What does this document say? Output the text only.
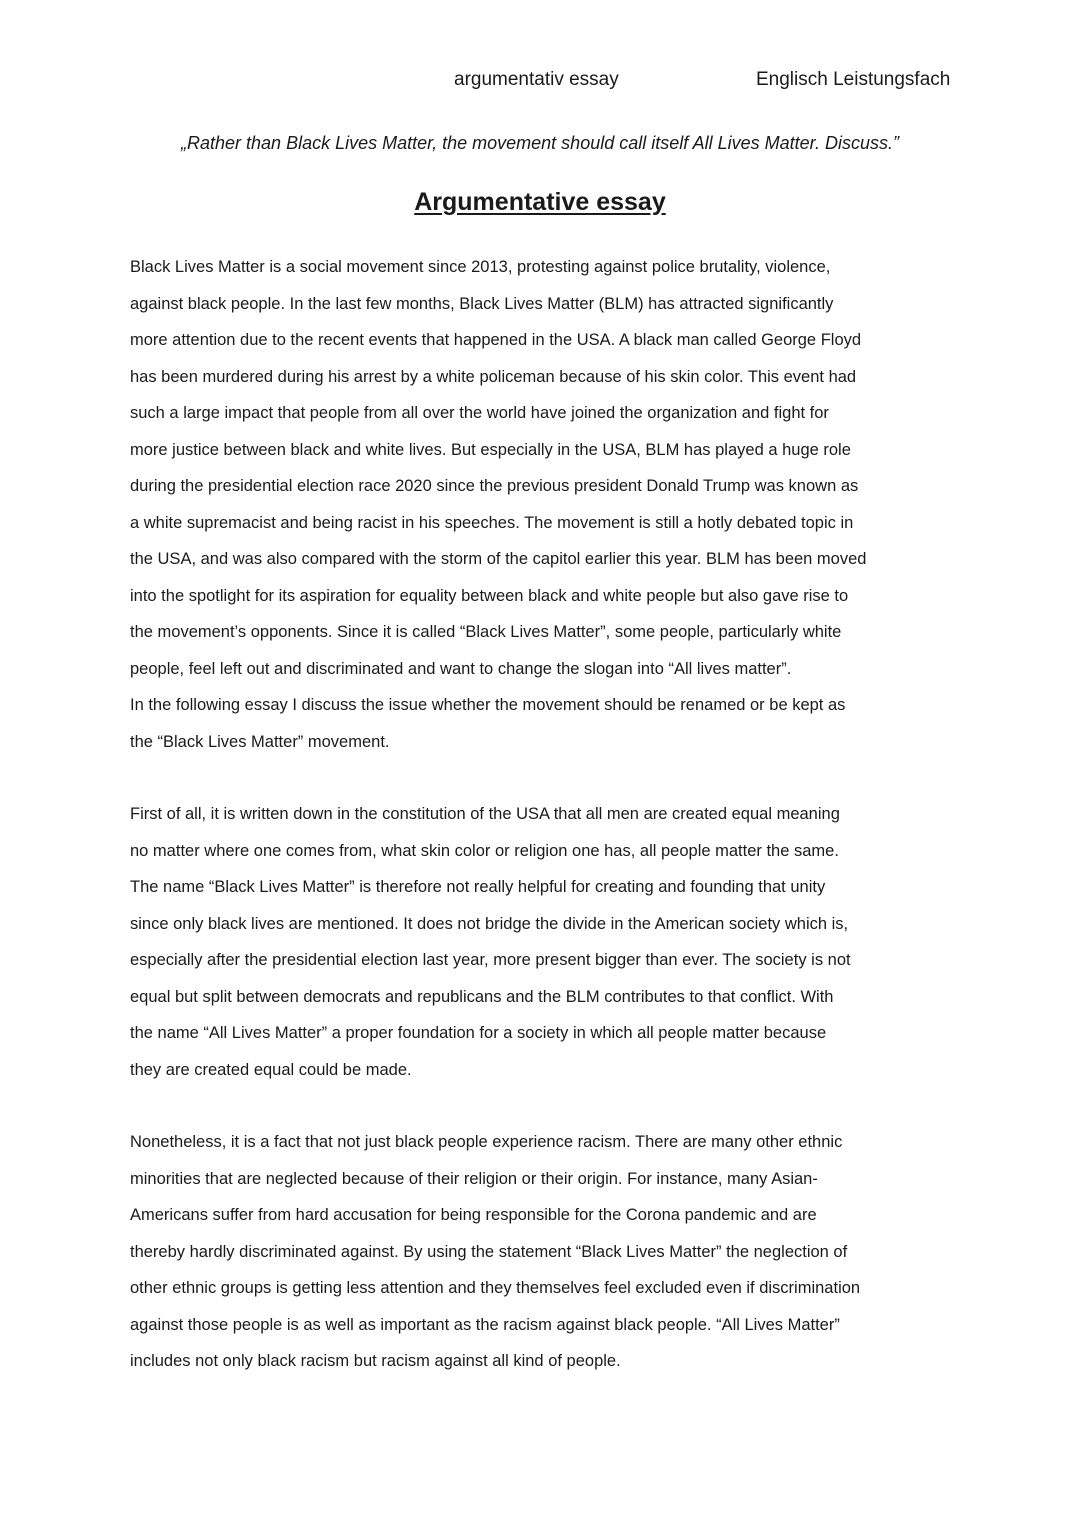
argumentativ essay	Englisch Leistungsfach
„Rather than Black Lives Matter, the movement should call itself All Lives Matter. Discuss.”
Argumentative essay
Black Lives Matter is a social movement since 2013, protesting against police brutality, violence,
against black people. In the last few months, Black Lives Matter (BLM) has attracted significantly
more attention due to the recent events that happened in the USA. A black man called George Floyd
has been murdered during his arrest by a white policeman because of his skin color. This event had
such a large impact that people from all over the world have joined the organization and fight for
more justice between black and white lives. But especially in the USA, BLM has played a huge role
during the presidential election race 2020 since the previous president Donald Trump was known as
a white supremacist and being racist in his speeches. The movement is still a hotly debated topic in
the USA, and was also compared with the storm of the capitol earlier this year. BLM has been moved
into the spotlight for its aspiration for equality between black and white people but also gave rise to
the movement’s opponents. Since it is called “Black Lives Matter”, some people, particularly white
people, feel left out and discriminated and want to change the slogan into “All lives matter”.
In the following essay I discuss the issue whether the movement should be renamed or be kept as
the “Black Lives Matter” movement.
First of all, it is written down in the constitution of the USA that all men are created equal meaning
no matter where one comes from, what skin color or religion one has, all people matter the same.
The name “Black Lives Matter” is therefore not really helpful for creating and founding that unity
since only black lives are mentioned. It does not bridge the divide in the American society which is,
especially after the presidential election last year, more present bigger than ever. The society is not
equal but split between democrats and republicans and the BLM contributes to that conflict. With
the name “All Lives Matter” a proper foundation for a society in which all people matter because
they are created equal could be made.
Nonetheless, it is a fact that not just black people experience racism. There are many other ethnic
minorities that are neglected because of their religion or their origin. For instance, many Asian-
Americans suffer from hard accusation for being responsible for the Corona pandemic and are
thereby hardly discriminated against. By using the statement “Black Lives Matter” the neglection of
other ethnic groups is getting less attention and they themselves feel excluded even if discrimination
against those people is as well as important as the racism against black people. “All Lives Matter”
includes not only black racism but racism against all kind of people.
